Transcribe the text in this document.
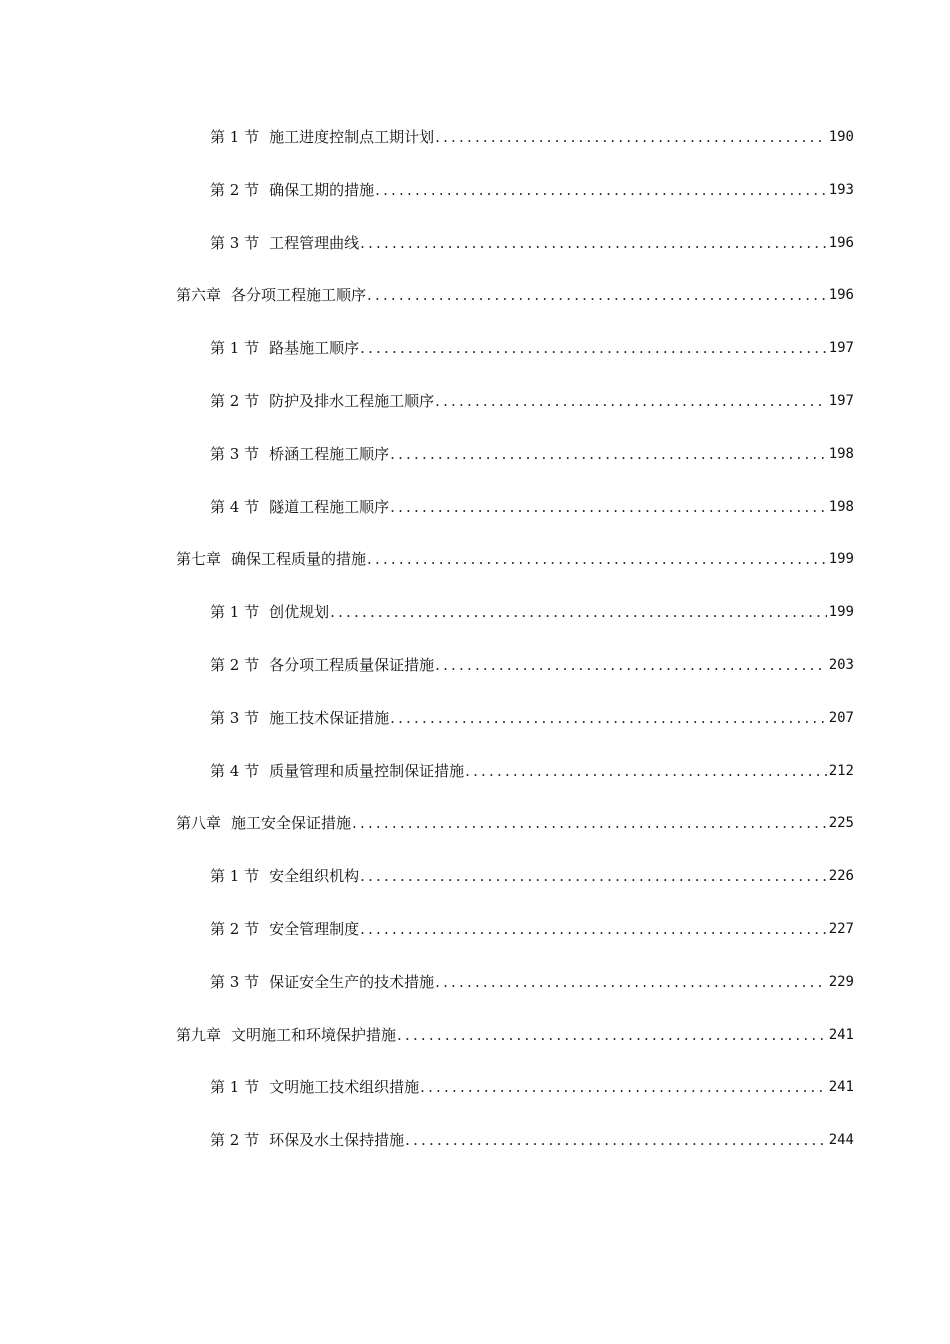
第 1 节 施工进度控制点工期计划 .....	190
第 2 节 确保工期的措施 .....	193
第 3 节 工程管理曲线 .....	196
第六章 各分项工程施工顺序 .....	196
第 1 节 路基施工顺序 .....	197
第 2 节 防护及排水工程施工顺序 .....	197
第 3 节 桥涵工程施工顺序 .....	198
第 4 节 隧道工程施工顺序 .....	198
第七章 确保工程质量的措施 .....	199
第 1 节 创优规划 .....	199
第 2 节 各分项工程质量保证措施 .....	203
第 3 节 施工技术保证措施 .....	207
第 4 节 质量管理和质量控制保证措施 .....	212
第八章 施工安全保证措施 .....	225
第 1 节 安全组织机构 .....	226
第 2 节 安全管理制度 .....	227
第 3 节 保证安全生产的技术措施 .....	229
第九章 文明施工和环境保护措施 .....	241
第 1 节 文明施工技术组织措施 .....	241
第 2 节 环保及水土保持措施 .....	244
